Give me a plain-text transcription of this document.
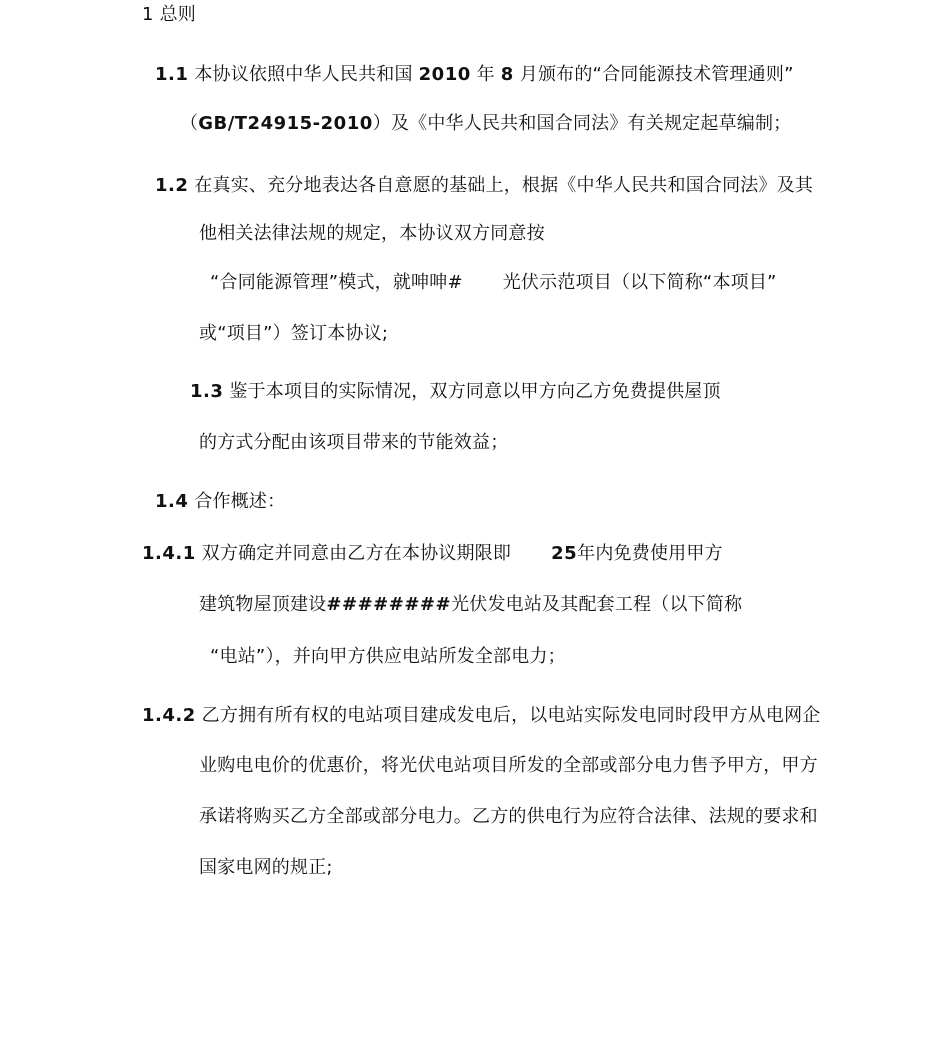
1 总则
1.1 本协议依照中华人民共和国 2010 年 8 月颁布的“合同能源技术管理通则”
（GB/T24915-2010）及《中华人民共和国合同法》有关规定起草编制；
1.2 在真实、充分地表达各自意愿的基础上，根据《中华人民共和国合同法》及其
他相关法律法规的规定，本协议双方同意按
“合同能源管理”模式，就呻呻# 光伏示范项目（以下简称“本项目”
或“项目”）签订本协议;
1.3 鉴于本项目的实际情况，双方同意以甲方向乙方免费提供屋顶
的方式分配由该项目带来的节能效益；
1.4 合作概述：
1.4.1 双方确定并同意由乙方在本协议期限即 25年内免费使用甲方
建筑物屋顶建设########光伏发电站及其配套工程（以下简称
“电站”），并向甲方供应电站所发全部电力；
1.4.2 乙方拥有所有权的电站项目建成发电后，以电站实际发电同时段甲方从电网企
业购电电价的优惠价，将光伏电站项目所发的全部或部分电力售予甲方，甲方
承诺将购买乙方全部或部分电力。乙方的供电行为应符合法律、法规的要求和
国家电网的规正;
